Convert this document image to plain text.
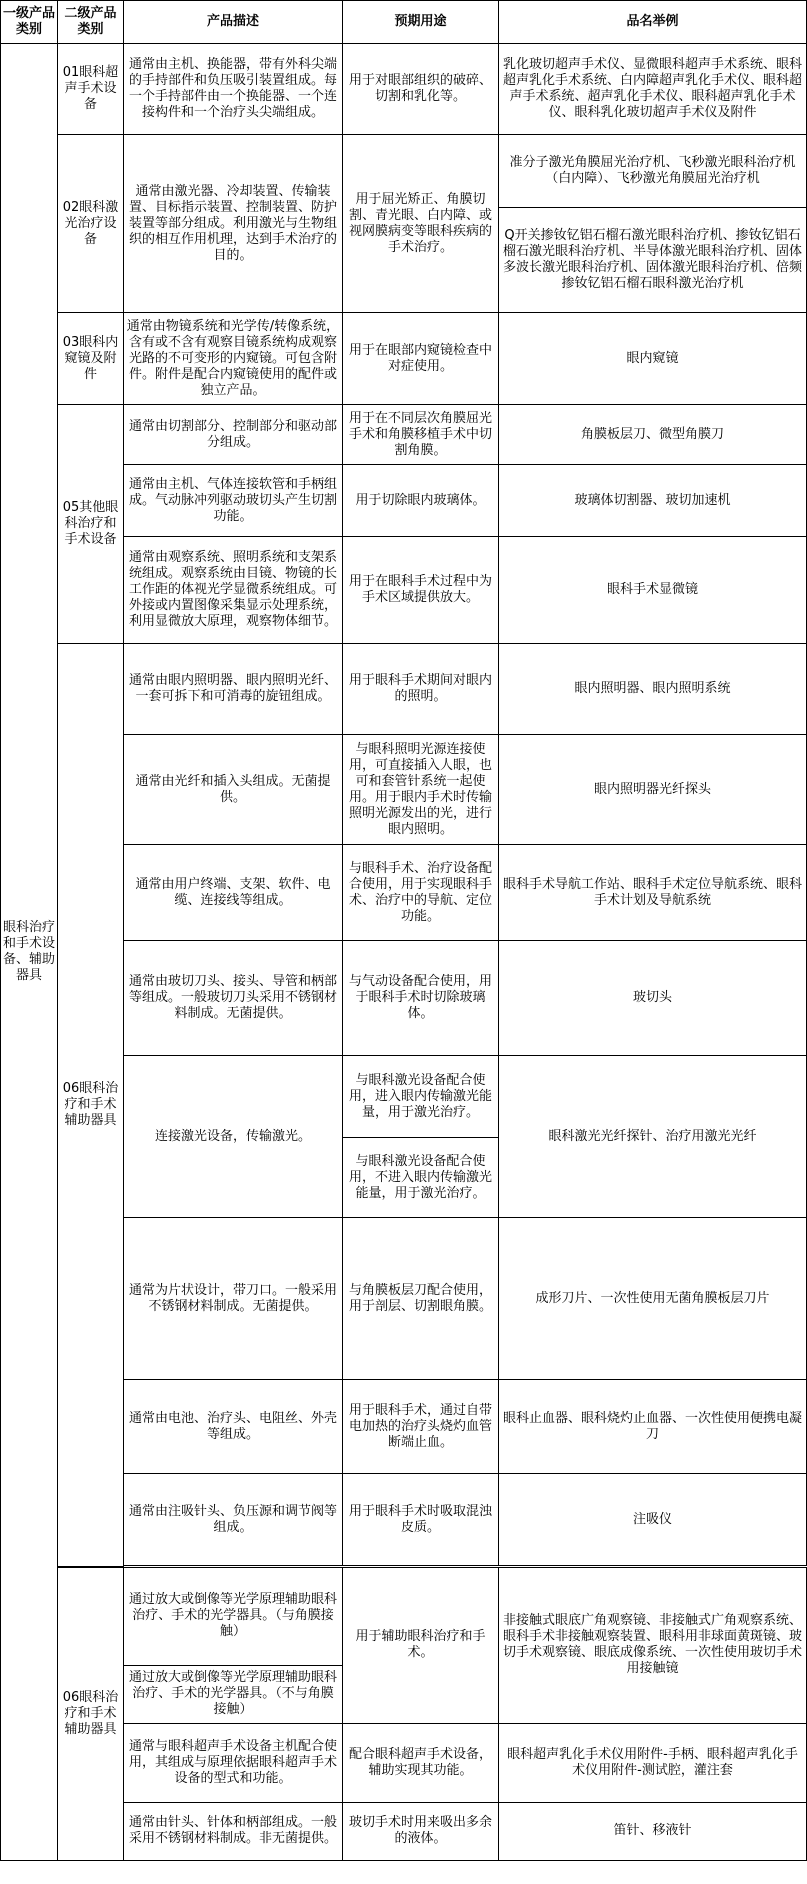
一级产品类别	二级产品类别	产品描述	预期用途	品名举例
眼科治疗和手术设备、辅助器具	01眼科超声手术设备	通常由主机、换能器，带有外科尖端的手持部件和负压吸引装置组成。每一个手持部件由一个换能器、一个连接构件和一个治疗头尖端组成。	用于对眼部组织的破碎、切割和乳化等。	乳化玻切超声手术仪、显微眼科超声手术系统、眼科超声乳化手术系统、白内障超声乳化手术仪、眼科超声手术系统、超声乳化手术仪、眼科超声乳化手术仪、眼科乳化玻切超声手术仪及附件
	02眼科激光治疗设备	通常由激光器、冷却装置、传输装置、目标指示装置、控制装置、防护装置等部分组成。利用激光与生物组织的相互作用机理，达到手术治疗的目的。	用于屈光矫正、角膜切割、青光眼、白内障、或视网膜病变等眼科疾病的手术治疗。	准分子激光角膜屈光治疗机、飞秒激光眼科治疗机（白内障）、飞秒激光角膜屈光治疗机
				Q开关掺钕钇铝石榴石激光眼科治疗机、掺钕钇铝石榴石激光眼科治疗机、半导体激光眼科治疗机、固体多波长激光眼科治疗机、固体激光眼科治疗机、倍频掺钕钇铝石榴石眼科激光治疗机
	03眼科内窥镜及附件	通常由物镜系统和光学传/转像系统，含有或不含有观察目镜系统构成观察光路的不可变形的内窥镜。可包含附件。附件是配合内窥镜使用的配件或独立产品。	用于在眼部内窥镜检查中对症使用。	眼内窥镜
	05其他眼科治疗和手术设备	通常由切割部分、控制部分和驱动部分组成。	用于在不同层次角膜屈光手术和角膜移植手术中切割角膜。	角膜板层刀、微型角膜刀
		通常由主机、气体连接软管和手柄组成。气动脉冲列驱动玻切头产生切割功能。	用于切除眼内玻璃体。	玻璃体切割器、玻切加速机
		通常由观察系统、照明系统和支架系统组成。观察系统由目镜、物镜的长工作距的体视光学显微系统组成。可外接或内置图像采集显示处理系统，利用显微放大原理，观察物体细节。	用于在眼科手术过程中为手术区域提供放大。	眼科手术显微镜
	06眼科治疗和手术辅助器具	通常由眼内照明器、眼内照明光纤、一套可拆下和可消毒的旋钮组成。	用于眼科手术期间对眼内的照明。	眼内照明器、眼内照明系统
		通常由光纤和插入头组成。无菌提供。	与眼科照明光源连接使用，可直接插入人眼，也可和套管针系统一起使用。用于眼内手术时传输照明光源发出的光，进行眼内照明。	眼内照明器光纤探头
		通常由用户终端、支架、软件、电缆、连接线等组成。	与眼科手术、治疗设备配合使用，用于实现眼科手术、治疗中的导航、定位功能。	眼科手术导航工作站、眼科手术定位导航系统、眼科手术计划及导航系统
		通常由玻切刀头、接头、导管和柄部等组成。一般玻切刀头采用不锈钢材料制成。无菌提供。	与气动设备配合使用，用于眼科手术时切除玻璃体。	玻切头
		连接激光设备，传输激光。	与眼科激光设备配合使用，进入眼内传输激光能量，用于激光治疗。	眼科激光光纤探针、治疗用激光光纤
			与眼科激光设备配合使用，不进入眼内传输激光能量，用于激光治疗。	
		通常为片状设计，带刀口。一般采用不锈钢材料制成。无菌提供。	与角膜板层刀配合使用，用于剖层、切割眼角膜。	成形刀片、一次性使用无菌角膜板层刀片
		通常由电池、治疗头、电阻丝、外壳等组成。	用于眼科手术，通过自带电加热的治疗头烧灼血管断端止血。	眼科止血器、眼科烧灼止血器、一次性使用便携电凝刀
		通常由注吸针头、负压源和调节阀等组成。	用于眼科手术时吸取混浊皮质。	注吸仪

	06眼科治疗和手术辅助器具	通过放大或倒像等光学原理辅助眼科治疗、手术的光学器具。（与角膜接触）	用于辅助眼科治疗和手术。	非接触式眼底广角观察镜、非接触式广角观察系统、眼科手术非接触观察装置、眼科用非球面黄斑镜、玻切手术观察镜、眼底成像系统、一次性使用玻切手术用接触镜
		通过放大或倒像等光学原理辅助眼科治疗、手术的光学器具。（不与角膜接触）		
		通常与眼科超声手术设备主机配合使用，其组成与原理依据眼科超声手术设备的型式和功能。	配合眼科超声手术设备，辅助实现其功能。	眼科超声乳化手术仪用附件-手柄、眼科超声乳化手术仪用附件-测试腔，灌注套
		通常由针头、针体和柄部组成。一般采用不锈钢材料制成。非无菌提供。	玻切手术时用来吸出多余的液体。	笛针、移液针
